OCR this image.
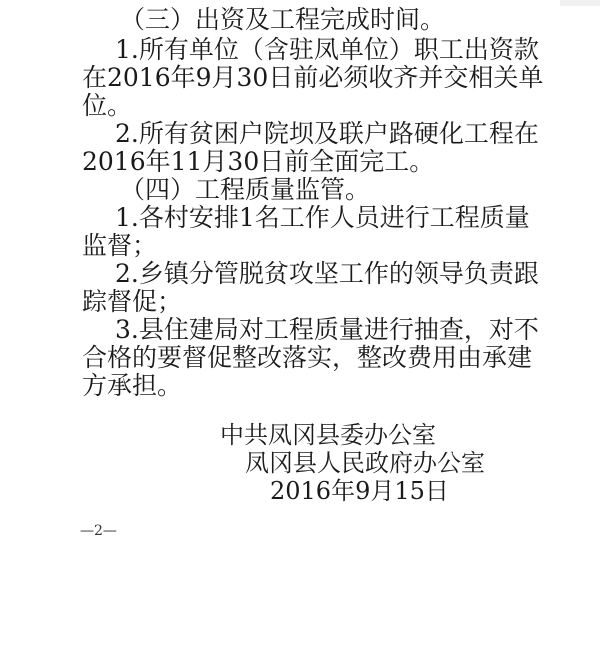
（三）出资及工程完成时间。
1.所有单位（含驻凤单位）职工出资款
在2016年9月30日前必须收齐并交相关单
位。
2.所有贫困户院坝及联户路硬化工程在
2016年11月30日前全面完工。
（四）工程质量监管。
1.各村安排1名工作人员进行工程质量
监督；
2.乡镇分管脱贫攻坚工作的领导负责跟
踪督促；
3.县住建局对工程质量进行抽查，对不
合格的要督促整改落实，整改费用由承建
方承担。
中共凤冈县委办公室
凤冈县人民政府办公室
2016年9月15日
—2—
